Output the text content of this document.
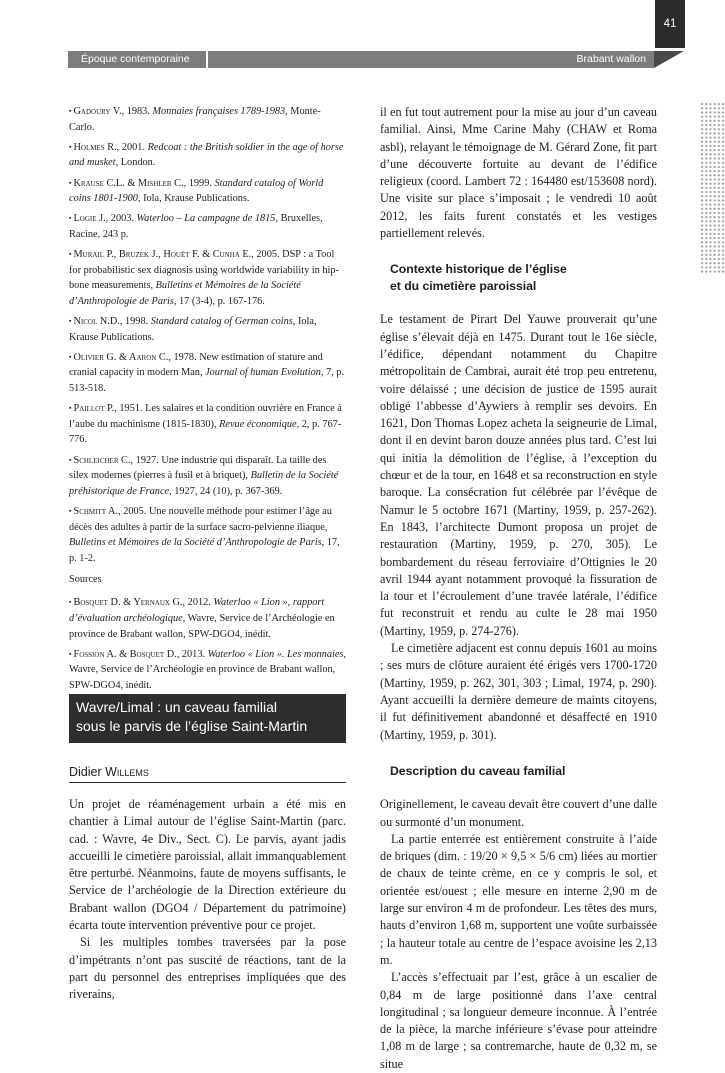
41
Époque contemporaine	Brabant wallon

▪ Gadoury V., 1983. Monnaies françaises 1789-1983, Monte-Carlo.

▪ Holmes R., 2001. Redcoat : the British soldier in the age of horse and musket, London.

▪ Krause C.L. & Mishler C., 1999. Standard catalog of World coins 1801-1900, Iola, Krause Publications.

▪ Logie J., 2003. Waterloo – La campagne de 1815, Bruxelles, Racine, 243 p.

▪ Murail P., Bruzek J., Houët F. & Cunha E., 2005. DSP : a Tool for probabilistic sex diagnosis using worldwide variability in hip-bone measurements, Bulletins et Mémoires de la Société d’Anthropologie de Paris, 17 (3-4), p. 167-176.

▪ Nicol N.D., 1998. Standard catalog of German coins, Iola, Krause Publications.

▪ Olivier G. & Aaron C., 1978. New estimation of stature and cranial capacity in modern Man, Journal of human Evolution, 7, p. 513-518.

▪ Paillot P., 1951. Les salaires et la condition ouvrière en France à l’aube du machinisme (1815-1830), Revue économique, 2, p. 767-776.

▪ Schleicher C., 1927. Une industrie qui disparaît. La taille des silex modernes (pierres à fusil et à briquet), Bulletin de la Société préhistorique de France, 1927, 24 (10), p. 367-369.

▪ Schmitt A., 2005. Une nouvelle méthode pour estimer l’âge au décès des adultes à partir de la surface sacro-pelvienne iliaque, Bulletins et Mémoires de la Société d’Anthropologie de Paris, 17, p. 1-2.

Sources

▪ Bosquet D. & Yernaux G., 2012. Waterloo « Lion », rapport d’évaluation archéologique, Wavre, Service de l’Archéologie en province de Brabant wallon, SPW-DGO4, inédit.

▪ Fossion A. & Bosquet D., 2013. Waterloo « Lion ». Les monnaies, Wavre, Service de l’Archéologie en province de Brabant wallon, SPW-DGO4, inédit.

Wavre/Limal : un caveau familial
sous le parvis de l’église Saint-Martin
Didier Willems

Un projet de réaménagement urbain a été mis en chantier à Limal autour de l’église Saint-Martin (parc. cad. : Wavre, 4e Div., Sect. C). Le parvis, ayant jadis accueilli le cimetière paroissial, allait immanquablement être perturbé. Néanmoins, faute de moyens suffisants, le Service de l’archéologie de la Direction extérieure du Brabant wallon (DGO4 / Département du patrimoine) écarta toute intervention préventive pour ce projet.

Si les multiples tombes traversées par la pose d’impétrants n’ont pas suscité de réactions, tant de la part du personnel des entreprises impliquées que des riverains,

il en fut tout autrement pour la mise au jour d’un caveau familial. Ainsi, Mme Carine Mahy (CHAW et Roma asbl), relayant le témoignage de M. Gérard Zone, fit part d’une découverte fortuite au devant de l’édifice religieux (coord. Lambert 72 : 164480 est/153608 nord). Une visite sur place s’imposait ; le vendredi 10 août 2012, les faits furent constatés et les vestiges partiellement relevés.

Contexte historique de l’église
et du cimetière paroissial

Le testament de Pirart Del Yauwe prouverait qu’une église s’élevait déjà en 1475. Durant tout le 16e siècle, l’édifice, dépendant notamment du Chapitre métropolitain de Cambrai, aurait été trop peu entretenu, voire délaissé ; une décision de justice de 1595 aurait obligé l’abbesse d’Aywiers à remplir ses devoirs. En 1621, Don Thomas Lopez acheta la seigneurie de Limal, dont il en devint baron douze années plus tard. C’est lui qui initia la démolition de l’église, à l’exception du chœur et de la tour, en 1648 et sa reconstruction en style baroque. La consécration fut célébrée par l’évêque de Namur le 5 octobre 1671 (Martiny, 1959, p. 257-262). En 1843, l’architecte Dumont proposa un projet de restauration (Martiny, 1959, p. 270, 305). Le bombardement du réseau ferroviaire d’Ottignies le 20 avril 1944 ayant notamment provoqué la fissuration de la tour et l’écroulement d’une travée latérale, l’édifice fut reconstruit et rendu au culte le 28 mai 1950 (Martiny, 1959, p. 274-276).

Le cimetière adjacent est connu depuis 1601 au moins ; ses murs de clôture auraient été érigés vers 1700-1720 (Martiny, 1959, p. 262, 301, 303 ; Limal, 1974, p. 290). Ayant accueilli la dernière demeure de maints citoyens, il fut définitivement abandonné et désaffecté en 1910 (Martiny, 1959, p. 301).

Description du caveau familial

Originellement, le caveau devait être couvert d’une dalle ou surmonté d’un monument.

La partie enterrée est entièrement construite à l’aide de briques (dim. : 19/20 × 9,5 × 5/6 cm) liées au mortier de chaux de teinte crème, en ce y compris le sol, et orientée est/ouest ; elle mesure en interne 2,90 m de large sur environ 4 m de profondeur. Les têtes des murs, hauts d’environ 1,68 m, supportent une voûte surbaissée ; la hauteur totale au centre de l’espace avoisine les 2,13 m.

L’accès s’effectuait par l’est, grâce à un escalier de 0,84 m de large positionné dans l’axe central longitudinal ; sa longueur demeure inconnue. À l’entrée de la pièce, la marche inférieure s’évase pour atteindre 1,08 m de large ; sa contremarche, haute de 0,32 m, se situe
